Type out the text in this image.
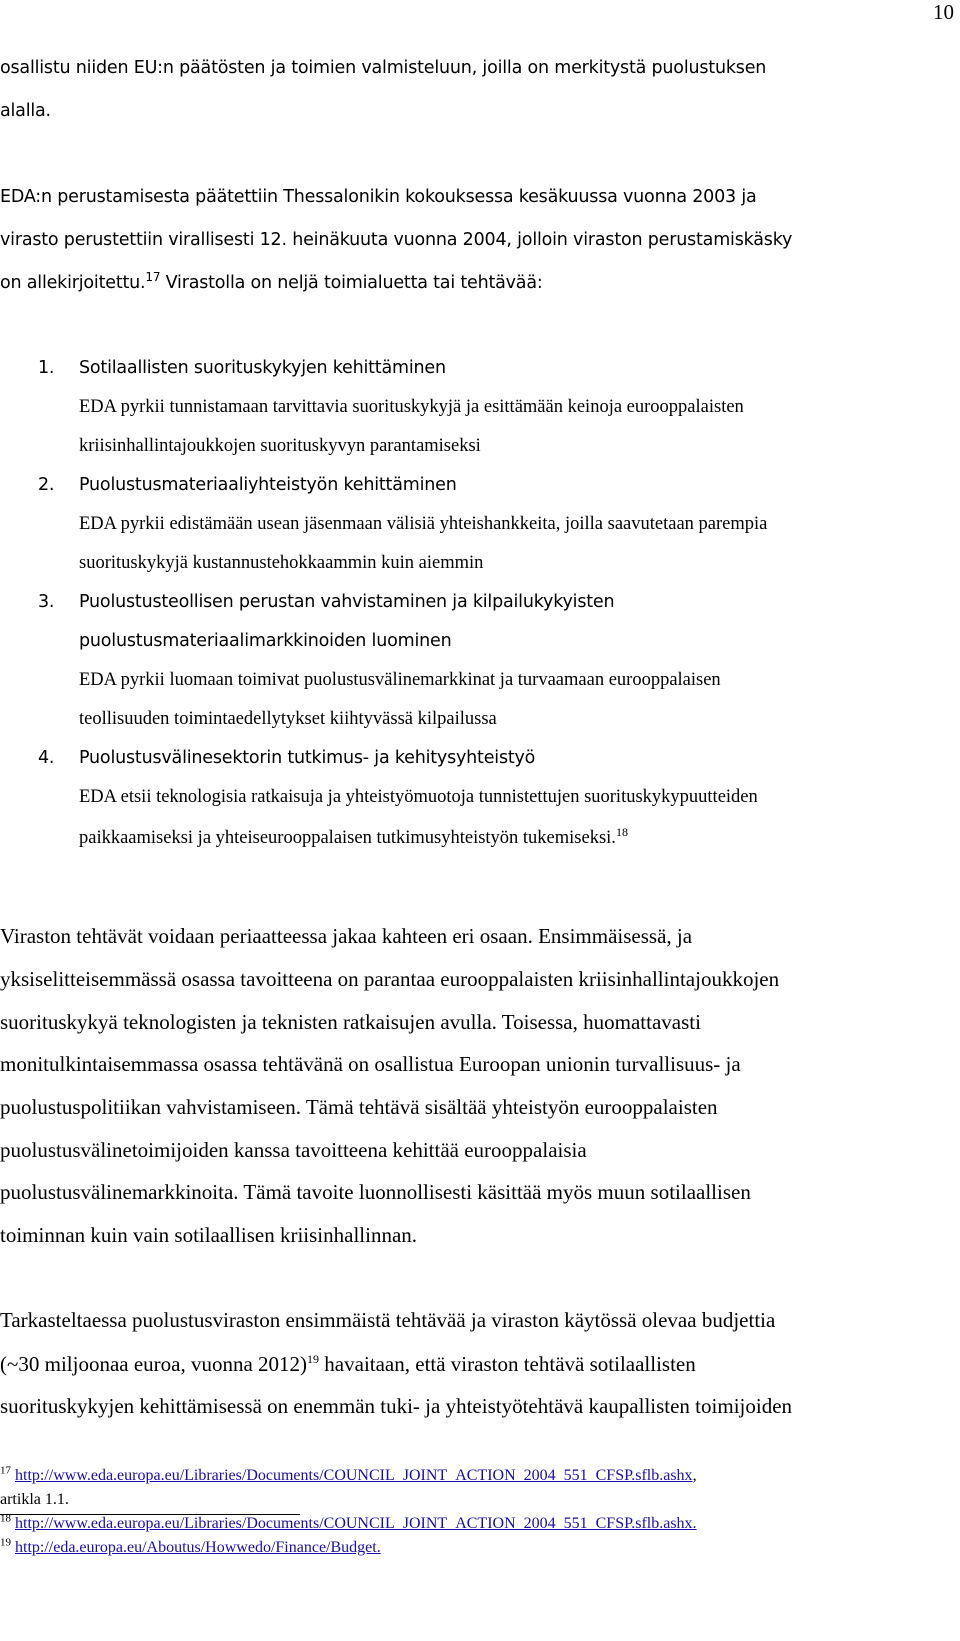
10
osallistu niiden EU:n päätösten ja toimien valmisteluun, joilla on merkitystä puolustuksen
alalla.
EDA:n perustamisesta päätettiin Thessalonikin kokouksessa kesäkuussa vuonna 2003 ja
virasto perustettiin virallisesti 12. heinäkuuta vuonna 2004, jolloin viraston perustamiskäsky
on allekirjoitettu.$^{17}$ Virastolla on neljä toimialuetta tai tehtävää:
1. Sotilaallisten suorituskykyjen kehittäminen
EDA pyrkii tunnistamaan tarvittavia suorituskykyjä ja esittämään keinoja eurooppalaisten
kriisinhallintajoukkojen suorituskyvyn parantamiseksi
2. Puolustusmateriaaliyhteistyön kehittäminen
EDA pyrkii edistämään usean jäsenmaan välisiä yhteishankkeita, joilla saavutetaan parempia
suorituskykyjä kustannustehokkaammin kuin aiemmin
3. Puolustusteollisen perustan vahvistaminen ja kilpailukykyisten
puolustusmateriaalimarkkinoiden luominen
EDA pyrkii luomaan toimivat puolustusvälinemarkkinat ja turvaamaan eurooppalaisen
teollisuuden toimintaedellytykset kiihtyvässä kilpailussa
4. Puolustusvälinesektorin tutkimus- ja kehitysyhteistyö
EDA etsii teknologisia ratkaisuja ja yhteistyömuotoja tunnistettujen suorituskykypuutteiden
paikkaamiseksi ja yhteiseurooppalaisen tutkimusyhteistyön tukemiseksi.$^{18}$
Viraston tehtävät voidaan periaatteessa jakaa kahteen eri osaan. Ensimmäisessä, ja
yksiselitteisemmässä osassa tavoitteena on parantaa eurooppalaisten kriisinhallintajoukkojen
suorituskykyä teknologisten ja teknisten ratkaisujen avulla. Toisessa, huomattavasti
monitulkintaisemmassa osassa tehtävänä on osallistua Euroopan unionin turvallisuus- ja
puolustuspolitiikan vahvistamiseen. Tämä tehtävä sisältää yhteistyön eurooppalaisten
puolustusvälinetoimijoiden kanssa tavoitteena kehittää eurooppalaisia
puolustusvälinemarkkinoita. Tämä tavoite luonnollisesti käsittää myös muun sotilaallisen
toiminnan kuin vain sotilaallisen kriisinhallinnan.
Tarkasteltaessa puolustusviraston ensimmäistä tehtävää ja viraston käytössä olevaa budjettia
(~30 miljoonaa euroa, vuonna 2012)$^{19}$ havaitaan, että viraston tehtävä sotilaallisten
suorituskykyjen kehittämisessä on enemmän tuki- ja yhteistyötehtävä kaupallisten toimijoiden
$^{17}$ http://www.eda.europa.eu/Libraries/Documents/COUNCIL_JOINT_ACTION_2004_551_CFSP.sflb.ashx,
artikla 1.1.
$^{18}$ http://www.eda.europa.eu/Libraries/Documents/COUNCIL_JOINT_ACTION_2004_551_CFSP.sflb.ashx.
$^{19}$ http://eda.europa.eu/Aboutus/Howwedo/Finance/Budget.
